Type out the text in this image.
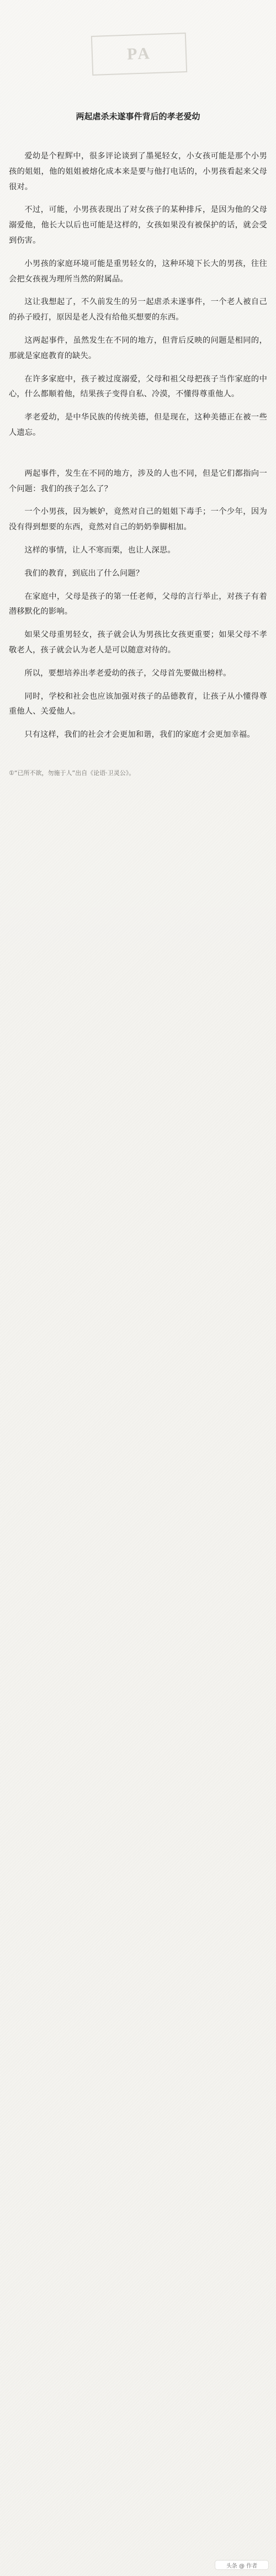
PA
两起虐杀未遂事件背后的孝老爱幼

爱幼是个程辉中，很多评论谈到了墨冕轻女，小女孩可能是那个小男孩的姐姐，他的姐姐被熔化成本来是要与他打电话的，小男孩看起来父母很对。

不过，可能，小男孩表现出了对女孩子的某种排斥，是因为他的父母溺爱他，他长大以后也可能是这样的，女孩如果没有被保护的话，就会受到伤害。

小男孩的家庭环境可能是重男轻女的，这种环境下长大的男孩，往往会把女孩视为理所当然的附属品。

这让我想起了，不久前发生的另一起虐杀未遂事件，一个老人被自己的孙子殴打，原因是老人没有给他买想要的东西。

这两起事件，虽然发生在不同的地方，但背后反映的问题是相同的，那就是家庭教育的缺失。

在许多家庭中，孩子被过度溺爱，父母和祖父母把孩子当作家庭的中心，什么都顺着他，结果孩子变得自私、冷漠，不懂得尊重他人。

孝老爱幼，是中华民族的传统美德，但是现在，这种美德正在被一些人遗忘。

两起事件，发生在不同的地方，涉及的人也不同，但是它们都指向一个问题：我们的孩子怎么了？

一个小男孩，因为嫉妒，竟然对自己的姐姐下毒手；一个少年，因为没有得到想要的东西，竟然对自己的奶奶拳脚相加。

这样的事情，让人不寒而栗，也让人深思。

我们的教育，到底出了什么问题？

在家庭中，父母是孩子的第一任老师，父母的言行举止，对孩子有着潜移默化的影响。

如果父母重男轻女，孩子就会认为男孩比女孩更重要；如果父母不孝敬老人，孩子就会认为老人是可以随意对待的。

所以，要想培养出孝老爱幼的孩子，父母首先要做出榜样。

同时，学校和社会也应该加强对孩子的品德教育，让孩子从小懂得尊重他人、关爱他人。

只有这样，我们的社会才会更加和谐，我们的家庭才会更加幸福。

①“已所不欲，勿施于人”出自《论语·卫灵公》。
头条 @ 作者
